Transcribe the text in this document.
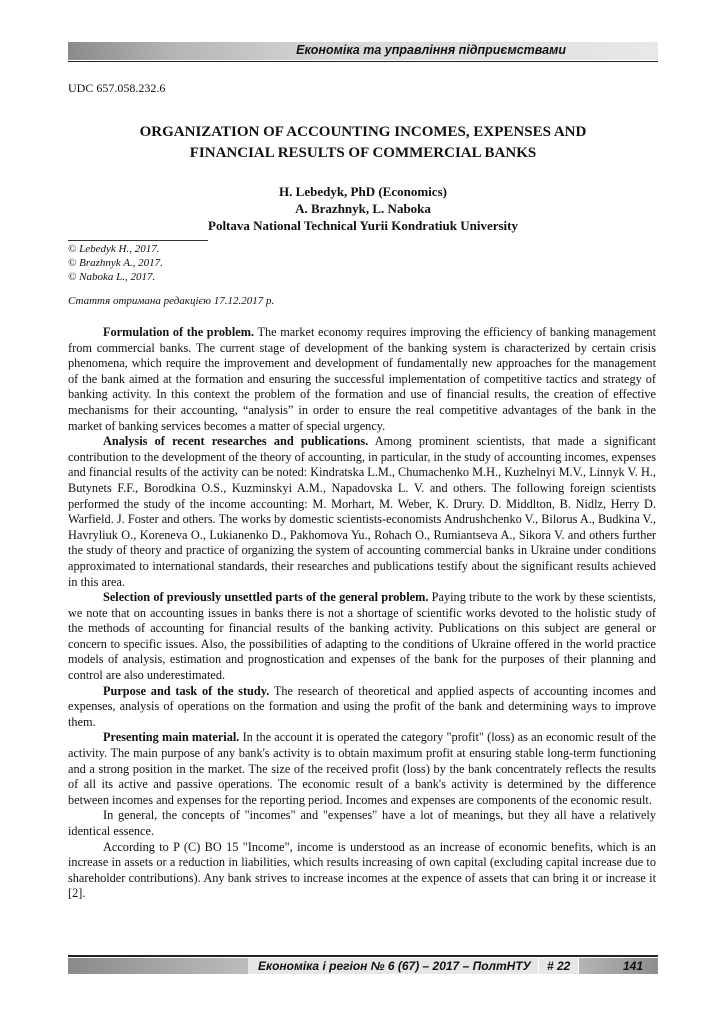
Економіка та управління підприємствами
UDC 657.058.232.6
ORGANIZATION OF ACCOUNTING INCOMES, EXPENSES AND
FINANCIAL RESULTS OF COMMERCIAL BANKS
H. Lebedyk, PhD (Economics)
A. Brazhnyk, L. Naboka
Poltava National Technical Yurii Kondratiuk University
© Lebedyk H., 2017.
© Brazhnyk A., 2017.
© Naboka L., 2017.
Стаття отримана редакцією 17.12.2017 р.

Formulation of the problem. The market economy requires improving the efficiency of banking management from commercial banks. The current stage of development of the banking system is characterized by certain crisis phenomena, which require the improvement and development of fundamentally new approaches for the management of the bank aimed at the formation and ensuring the successful implementation of competitive tactics and strategy of banking activity. In this context the problem of the formation and use of financial results, the creation of effective mechanisms for their accounting, “analysis” in order to ensure the real competitive advantages of the bank in the market of banking services becomes a matter of special urgency.

Analysis of recent researches and publications. Among prominent scientists, that made a significant contribution to the development of the theory of accounting, in particular, in the study of accounting incomes, expenses and financial results of the activity can be noted: Kindratska L.M., Chumachenko M.H., Kuzhelnyi M.V., Linnyk V. H., Butynets F.F., Borodkina O.S., Kuzminskyi A.M., Napadovska L. V. and others. The following foreign scientists performed the study of the income accounting: M. Morhart, M. Weber, K. Drury. D. Middlton, B. Nidlz, Herry D. Warfield. J. Foster and others. The works by domestic scientists-economists Andrushchenko V., Bilorus A., Budkina V., Havryliuk O., Koreneva O., Lukianenko D., Pakhomova Yu., Rohach O., Rumiantseva A., Sikora V. and others further the study of theory and practice of organizing the system of accounting commercial banks in Ukraine under conditions approximated to international standards, their researches and publications testify about the significant results achieved in this area.

Selection of previously unsettled parts of the general problem. Paying tribute to the work by these scientists, we note that on accounting issues in banks there is not a shortage of scientific works devoted to the holistic study of the methods of accounting for financial results of the banking activity. Publications on this subject are general or concern to specific issues. Also, the possibilities of adapting to the conditions of Ukraine offered in the world practice models of analysis, estimation and prognostication and expenses of the bank for the purposes of their planning and control are also underestimated.

Purpose and task of the study. The research of theoretical and applied aspects of accounting incomes and expenses, analysis of operations on the formation and using the profit of the bank and determining ways to improve them.

Presenting main material. In the account it is operated the category "profit" (loss) as an economic result of the activity. The main purpose of any bank's activity is to obtain maximum profit at ensuring stable long-term functioning and a strong position in the market. The size of the received profit (loss) by the bank concentrately reflects the results of all its active and passive operations. The economic result of a bank's activity is determined by the difference between incomes and expenses for the reporting period. Incomes and expenses are components of the economic result.

In general, the concepts of "incomes" and "expenses" have a lot of meanings, but they all have a relatively identical essence.

According to P (C) BO 15 "Income", income is understood as an increase of economic benefits, which is an increase in assets or a reduction in liabilities, which results increasing of own capital (excluding capital increase due to shareholder contributions). Any bank strives to increase incomes at the expence of assets that can bring it or increase it [2].

Економіка і регіон № 6 (67) – 2017 – ПолтНТУ # 22	141
